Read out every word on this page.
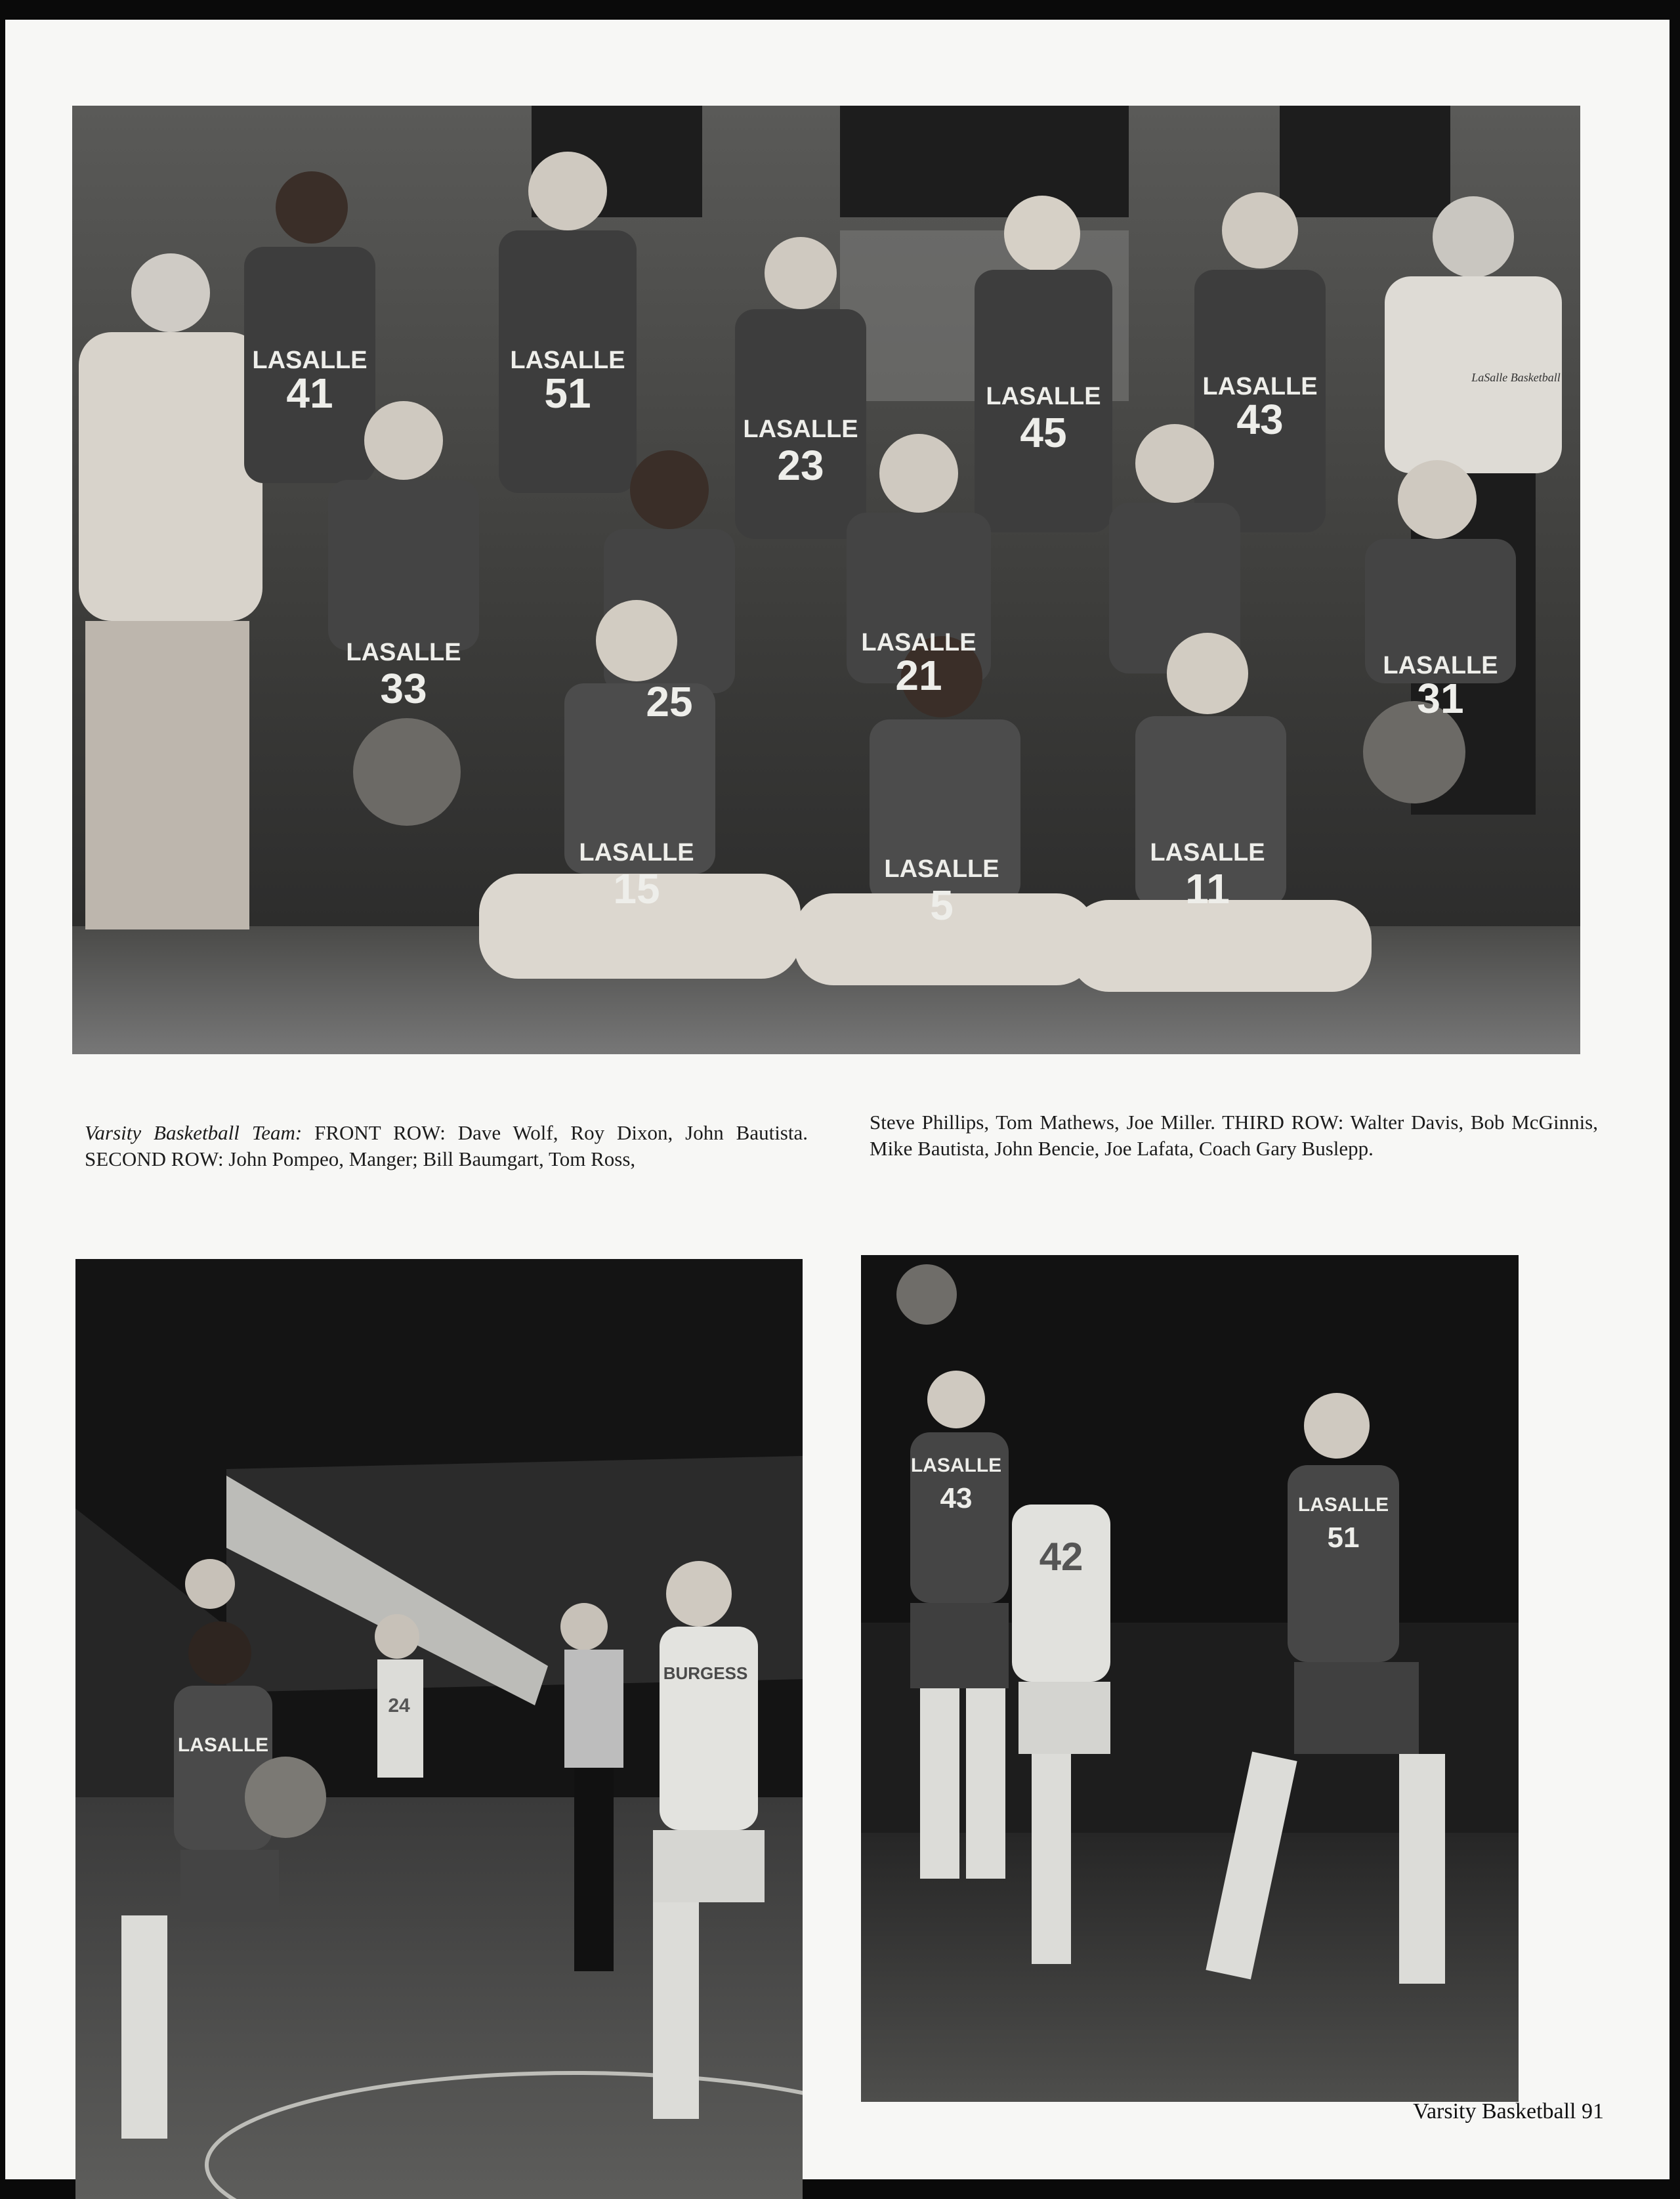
41	51
23
45	43
33	25
21	31
15	5	11
LASALLE	LASALLE
LASALLE
LASALLE	LASALLE
LASALLE	LASALLE
LASALLE
LASALLE
LASALLE
LASALLE
LaSalle Basketball
Varsity Basketball Team: FRONT ROW: Dave Wolf, Roy Dixon, John Bautista. SECOND ROW: John Pompeo, Manger; Bill Baumgart, Tom Ross,
Steve Phillips, Tom Mathews, Joe Miller. THIRD ROW: Walter Davis, Bob McGinnis, Mike Bautista, John Bencie, Joe Lafata, Coach Gary Buslepp.
LASALLE
BURGESS
24
LASALLE
43
42
LASALLE
51
Varsity Basketball 91
